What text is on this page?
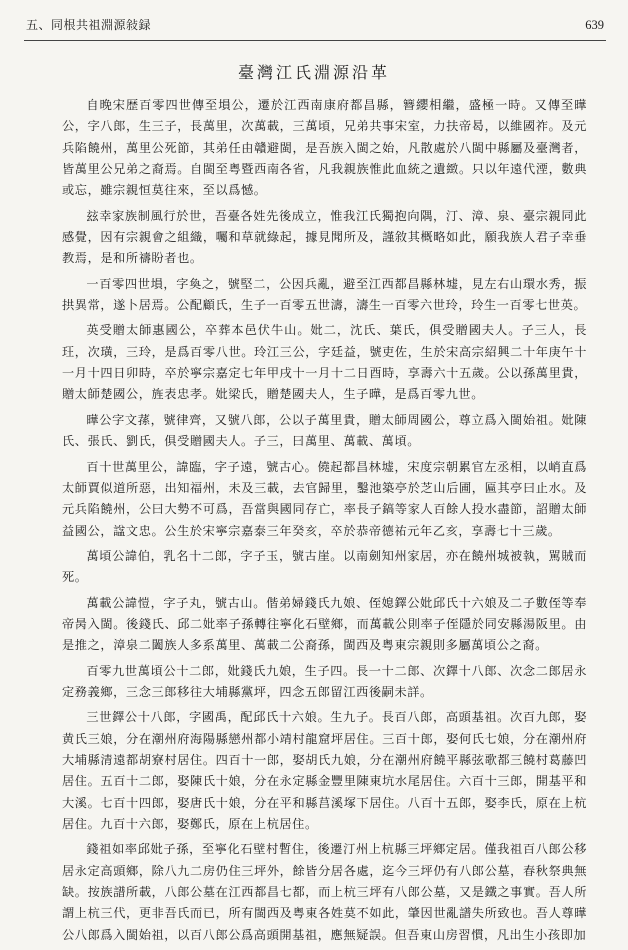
五、同根共祖淵源敍録	639
臺灣江氏淵源沿革

自晚宋歴百零四世傳至塤公，遷於江西南康府都昌縣，簪纓相繼，盛極一時。又傳至曄公，字八郎，生三子，長萬里，次萬載，三萬頃，兄弟共事宋室，力扶帝曷，以維國祚。及元兵陷饒州，萬里公死節，其弟任由贛避閩，是吾族入閩之始，凡散處於八閩中縣屬及臺灣者，皆萬里公兄弟之裔焉。自閩至粤暨西南各省，凡我親族惟此血統之遺緻。只以年遠代湮，數典或忘，雖宗親恒莫往來，至以爲憾。

玆幸家族制風行於世，吾臺各姓先後成立，惟我江氏獨抱向隅，汀、漳、泉、臺宗親同此感覺，因有宗親會之組織，囑和草就綠起，據見聞所及，謹敘其概略如此，願我族人君子幸垂教焉，是和所禱盼者也。

一百零四世塤，字奐之，號堅二，公因兵亂，避至江西都昌縣林墟，見左右山環水秀，振拱異常，遂卜居焉。公配顧氏，生子一百零五世濤，濤生一百零六世玲，玲生一百零七世英。

英受贈太師惠國公，卒葬本邑伏牛山。妣二，沈氏、葉氏，俱受贈國夫人。子三人，長玨，次璜，三玲，是爲百零八世。玲江三公，字廷益，號吏佐，生於宋高宗紹興二十年庚午十一月十四日卯時，卒於寧宗嘉定七年甲戌十一月十二日酉時，享壽六十五歲。公以孫萬里貴，贈太師楚國公，旌表忠孝。妣梁氏，贈楚國夫人，生子曄，是爲百零九世。

曄公字文蓀，號律齊，又號八郎，公以子萬里貴，贈太師周國公，尊立爲入閩始祖。妣陳氏、張氏、劉氏，俱受贈國夫人。子三，曰萬里、萬載、萬頃。

百十世萬里公，諱臨，字子遠，號古心。僥起都昌林墟，宋度宗朝累官左丞相，以峭直爲太師賈似道所惡，出知福州，未及三載，去官歸里，鑿池築亭於芝山后圃，匾其亭曰止水。及元兵陷饒州，公曰大勢不可爲，吾當與國同存亡，率長子鎬等家人百餘人投水盡節，詔贈太師益國公，諡文忠。公生於宋寧宗嘉泰三年癸亥，卒於恭帝德祐元年乙亥，享壽七十三歲。

萬頃公諱伯，乳名十二郎，字子玉，號古崖。以南劍知州家居，亦在饒州城被執，駡賊而死。

萬載公諱愷，字子丸，號古山。偕弟婦錢氏九娘、侄媳鐸公妣邱氏十六娘及二子數侄等奉帝昺入閩。後錢氏、邱二妣率子孫轉往寧化石壁鄉，而萬載公則率子侄隱於同安縣湯阪里。由是推之，漳泉二闔族人多系萬里、萬載二公裔孫，閩西及粤東宗親則多屬萬頃公之裔。

百零九世萬頃公十二郎，妣錢氏九娘，生子四。長一十二郎、次鐸十八郎、次念二郎居永定務義鄉，三念三郎移往大埔縣黨坪，四念五郎留江西後嗣未詳。

三世鐸公十八郎，字國禹，配邱氏十六娘。生九子。長百八郎，高頭基祖。次百九郎，娶黄氏三娘，分在潮州府海陽縣戀州都小靖村龍窟坪居住。三百十郎，娶何氏七娘，分在潮州府大埔縣清遠都胡寮村居住。四百十一郎，娶胡氏九娘，分在潮州府饒平縣弦歌都三饒村葛藤凹居住。五百十二郎，娶陳氏十娘，分在永定縣金豐里陳東坑水尾居住。六百十三郎，開基平和大溪。七百十四郎，娶唐氏十娘，分在平和縣莒溪塚下居住。八百十五郎，娶李氏，原在上杭居住。九百十六郎，娶鄭氏，原在上杭居住。

錢祖如率邱妣子孫，至寧化石壁村暫住，後遷汀州上杭縣三坪鄉定居。僅我祖百八郎公移居永定高頭鄉，除八九二房仍住三坪外，餘皆分居各處，迄今三坪仍有八郎公墓，春秋祭典無缺。按族譜所載，八郎公墓在江西都昌七都，而上杭三坪有八郎公墓，又是鐵之事實。吾人所謂上杭三代，更非吾氏而已，所有閩西及粤東各姓莫不如此，肇因世亂譜失所致也。吾人尊曄公八郎爲入閩始祖，以百八郎公爲高頭開基祖，應無疑誤。但吾東山房習慣，凡出生小孩即加
